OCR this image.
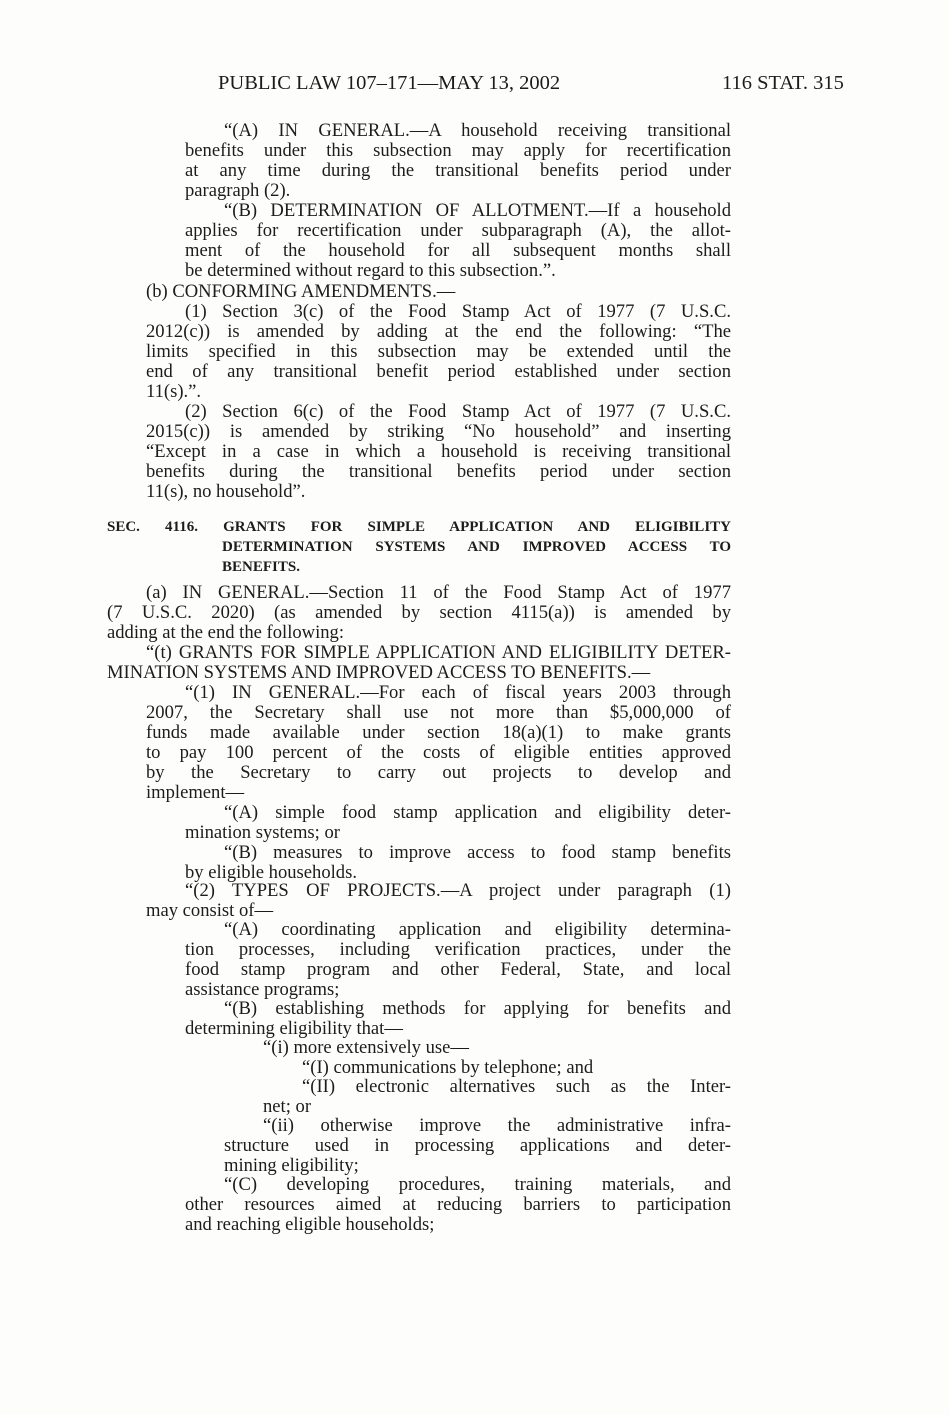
PUBLIC LAW 107–171—MAY 13, 2002	116 STAT. 315
“(A) IN GENERAL.—A household receiving transitional
benefits under this subsection may apply for recertification
at any time during the transitional benefits period under
paragraph (2).
“(B) DETERMINATION OF ALLOTMENT.—If a household
applies for recertification under subparagraph (A), the allot-
ment of the household for all subsequent months shall
be determined without regard to this subsection.”.
(b) CONFORMING AMENDMENTS.—
(1) Section 3(c) of the Food Stamp Act of 1977 (7 U.S.C.
2012(c)) is amended by adding at the end the following: “The
limits specified in this subsection may be extended until the
end of any transitional benefit period established under section
11(s).”.
(2) Section 6(c) of the Food Stamp Act of 1977 (7 U.S.C.
2015(c)) is amended by striking “No household” and inserting
“Except in a case in which a household is receiving transitional
benefits during the transitional benefits period under section
11(s), no household”.
SEC. 4116. GRANTS FOR SIMPLE APPLICATION AND ELIGIBILITY
DETERMINATION SYSTEMS AND IMPROVED ACCESS TO
BENEFITS.
(a) IN GENERAL.—Section 11 of the Food Stamp Act of 1977
(7 U.S.C. 2020) (as amended by section 4115(a)) is amended by
adding at the end the following:
“(t) GRANTS FOR SIMPLE APPLICATION AND ELIGIBILITY DETER-
MINATION SYSTEMS AND IMPROVED ACCESS TO BENEFITS.—
“(1) IN GENERAL.—For each of fiscal years 2003 through
2007, the Secretary shall use not more than $5,000,000 of
funds made available under section 18(a)(1) to make grants
to pay 100 percent of the costs of eligible entities approved
by the Secretary to carry out projects to develop and
implement—
“(A) simple food stamp application and eligibility deter-
mination systems; or
“(B) measures to improve access to food stamp benefits
by eligible households.
“(2) TYPES OF PROJECTS.—A project under paragraph (1)
may consist of—
“(A) coordinating application and eligibility determina-
tion processes, including verification practices, under the
food stamp program and other Federal, State, and local
assistance programs;
“(B) establishing methods for applying for benefits and
determining eligibility that—
“(i) more extensively use—
“(I) communications by telephone; and
“(II) electronic alternatives such as the Inter-
net; or
“(ii) otherwise improve the administrative infra-
structure used in processing applications and deter-
mining eligibility;
“(C) developing procedures, training materials, and
other resources aimed at reducing barriers to participation
and reaching eligible households;
